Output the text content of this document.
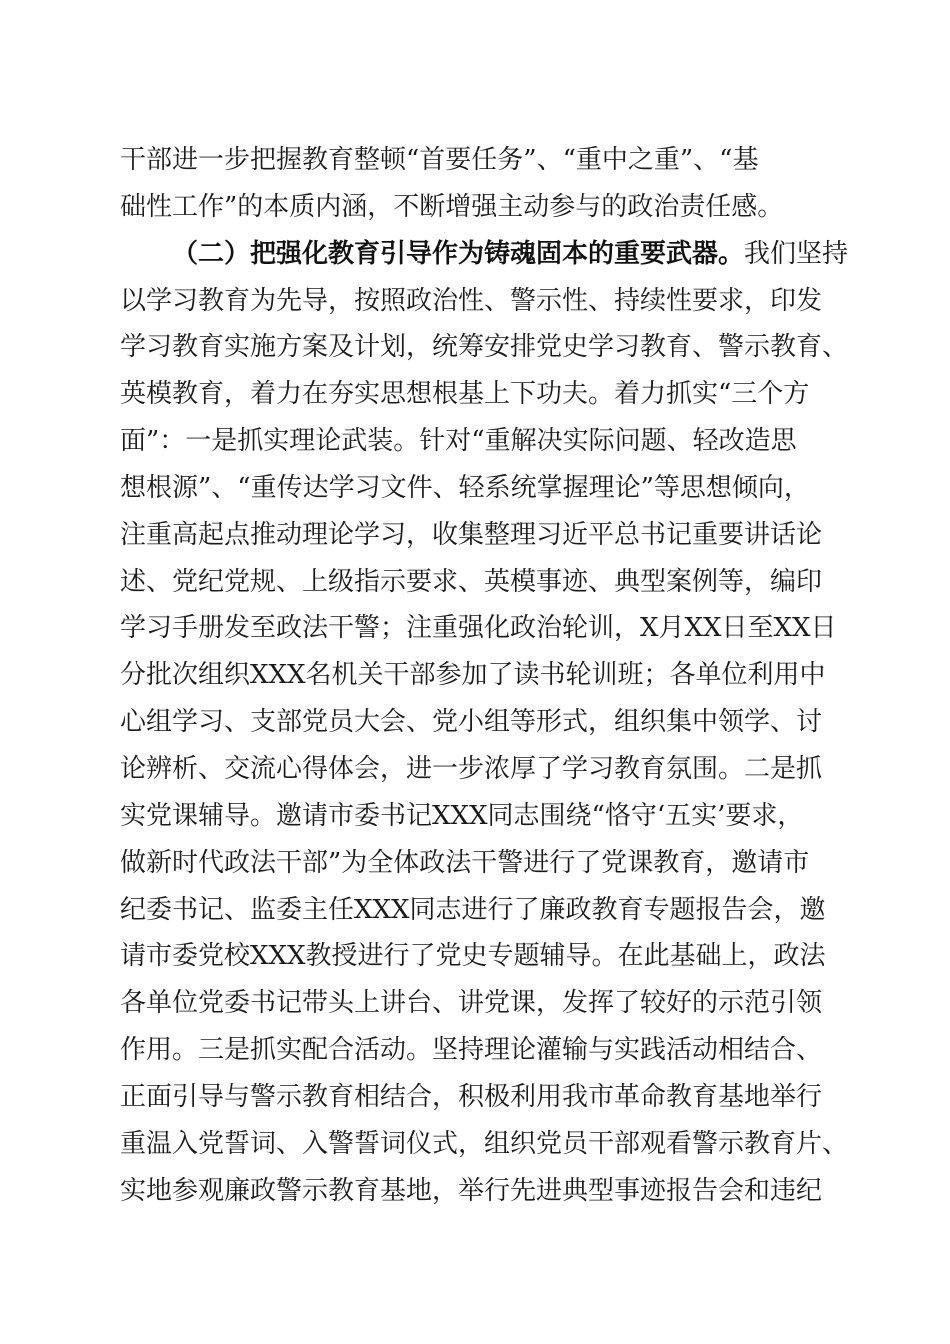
干部进一步把握教育整顿“首要任务”、“重中之重”、“基
础性工作”的本质内涵，不断增强主动参与的政治责任感。
（二）把强化教育引导作为铸魂固本的重要武器。我们坚持
以学习教育为先导，按照政治性、警示性、持续性要求，印发
学习教育实施方案及计划，统筹安排党史学习教育、警示教育、
英模教育，着力在夯实思想根基上下功夫。着力抓实“三个方
面”：一是抓实理论武装。针对“重解决实际问题、轻改造思
想根源”、“重传达学习文件、轻系统掌握理论”等思想倾向，
注重高起点推动理论学习，收集整理习近平总书记重要讲话论
述、党纪党规、上级指示要求、英模事迹、典型案例等，编印
学习手册发至政法干警；注重强化政治轮训，X月XX日至XX日
分批次组织XXX名机关干部参加了读书轮训班；各单位利用中
心组学习、支部党员大会、党小组等形式，组织集中领学、讨
论辨析、交流心得体会，进一步浓厚了学习教育氛围。二是抓
实党课辅导。邀请市委书记XXX同志围绕“恪守‘五实’要求，
做新时代政法干部”为全体政法干警进行了党课教育，邀请市
纪委书记、监委主任XXX同志进行了廉政教育专题报告会，邀
请市委党校XXX教授进行了党史专题辅导。在此基础上，政法
各单位党委书记带头上讲台、讲党课，发挥了较好的示范引领
作用。三是抓实配合活动。坚持理论灌输与实践活动相结合、
正面引导与警示教育相结合，积极利用我市革命教育基地举行
重温入党誓词、入警誓词仪式，组织党员干部观看警示教育片、
实地参观廉政警示教育基地，举行先进典型事迹报告会和违纪
